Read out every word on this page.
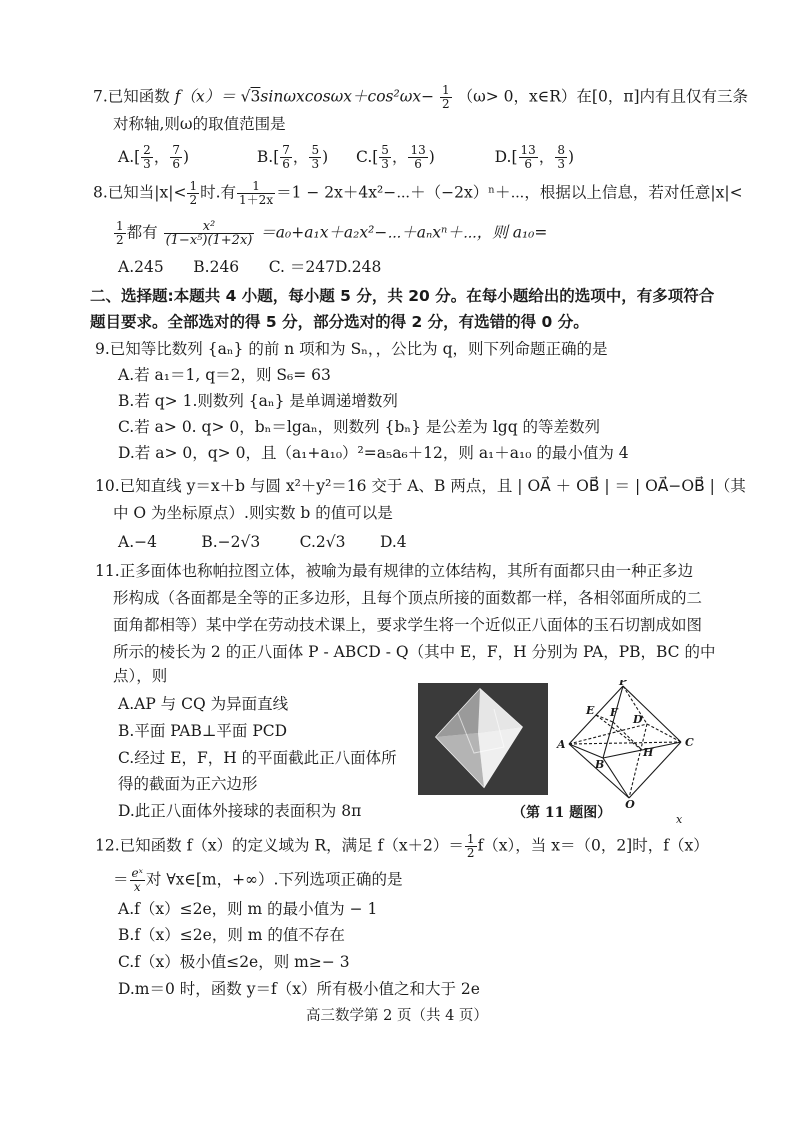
7.已知函数 $f(x)= √3\sin\omega xcos\omega x+\cos^2\omega x- \frac{1}{2} (\omega> 0$，x∈R）在[0，π]内有且仅有三条
对称轴,则ω的取值范围是
$A.[ \frac{2}{3}$ ， $\frac{7}{6}$ )	$B.[ \frac{7}{6}$ ， $\frac{5}{3}$ ) $C.[ \frac{5}{3}$ ， $\frac{13}{6}$ )	$D.[ \frac{13}{6}$ ， $\frac{8}{3}$ )
8.已知当$|x|< \frac{1}{2}$ 时.有 $\frac{1}{1+2x} =1$ − 2x＋4x²−⋯＋（−2x）ⁿ＋⋯，根据以上信息，若对任意|x|<
$\frac{1}{2}$ 都有 $\frac{\text{x²}}{\text{(1−x⁵)(1+2x)}}$ ＝a₀+a₁x＋a₂x²−⋯＋aₙxⁿ＋⋯，则 a₁₀=
A.245      B.246      C. ＝247D.248
二、选择题:本题共 4 小题，每小题 5 分，共 20 分。在每小题给出的选项中，有多项符合
题目要求。全部选对的得 5 分，部分选对的得 2 分，有选错的得 0 分。
9.已知等比数列 {aₙ} 的前 n 项和为 Sₙ，，公比为 q，则下列命题正确的是
A.若 a₁＝1, q＝2，则 S₆= 63
B.若 q> 1.则数列 {aₙ} 是单调递增数列
C.若 a> 0. q> 0，bₙ＝lgaₙ，则数列 {bₙ} 是公差为 lgq 的等差数列
D.若 a> 0，q> 0，且（a₁+a₁₀）²=a₅a₆＋12，则 a₁＋a₁₀ 的最小值为 4
10.已知直线 y＝x＋b 与圆 x²＋y²＝16 交于 A、B 两点，且 | OA⃗ ＋ OB⃗ | ＝ | OA⃗−OB⃗ |（其
中 O 为坐标原点）.则实数 b 的值可以是
A.−4         B.−2√3        C.2√3       D.4
11.正多面体也称帕拉图立体，被喻为最有规律的立体结构，其所有面都只由一种正多边
形构成（各面都是全等的正多边形，且每个顶点所接的面数都一样，各相邻面所成的二
面角都相等）某中学在劳动技术课上，要求学生将一个近似正八面体的玉石切割成如图
所示的棱长为 2 的正八面体 P - ABCD - Q（其中 E，F，H 分别为 PA，PB，BC 的中
点），则
A.AP 与 CQ 为异面直线
B.平面 PAB⊥平面 PCD
C.经过 E，F，H 的平面截此正八面体所
得的截面为正六边形
D.此正八面体外接球的表面积为 8π
P
E F
D
A
H
C
B
Q
（第 11 题图）	x
12.已知函数 f（x）的定义域为 R，满足 $f(x+2)= \frac{1}{2} f(x)$，当 x＝（0，2]时，f（x）
＝ $\frac{\text{eˣ}}{x}$ 对 ∀x∈[m，+∞）.下列选项正确的是
A.f（x）≤2e，则 m 的最小值为 − 1
B.f（x）≤2e，则 m 的值不存在
C.f（x）极小值≤2e，则 m≥− 3
D.m＝0 时，函数 y＝f（x）所有极小值之和大于 2e
高三数学第 2 页（共 4 页）
